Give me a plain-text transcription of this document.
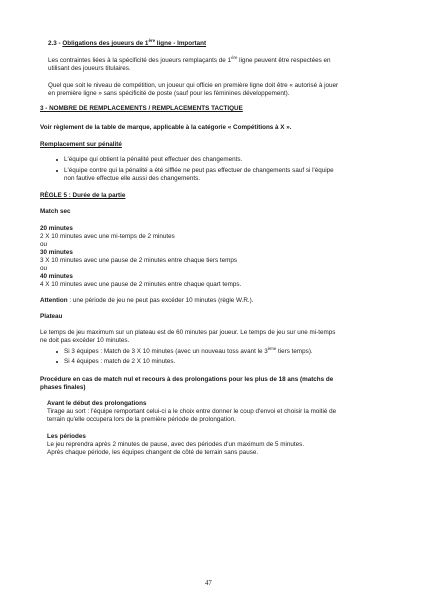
2.3 - Obligations des joueurs de 1ère ligne - Important
Les contraintes liées à la spécificité des joueurs remplaçants de 1ère ligne peuvent être respectées en
utilisant des joueurs titulaires.
Quel que soit le niveau de compétition, un joueur qui officie en première ligne doit être « autorisé à jouer
en première ligne » sans spécificité de poste (sauf pour les féminines développement).
3 - NOMBRE DE REMPLACEMENTS / REMPLACEMENTS TACTIQUE
Voir règlement de la table de marque, applicable à la catégorie « Compétitions à X ».
Remplacement sur pénalité
L'équipe qui obtient la pénalité peut effectuer des changements.
L'équipe contre qui la pénalité a été sifflée ne peut pas effectuer de changements sauf si l'équipe
non fautive effectue elle aussi des changements.
RÈGLE 5 : Durée de la partie
Match sec
20 minutes
2 X 10 minutes avec une mi-temps de 2 minutes
ou
30 minutes
3 X 10 minutes avec une pause de 2 minutes entre chaque tiers temps
ou
40 minutes
4 X 10 minutes avec une pause de 2 minutes entre chaque quart temps.
Attention : une période de jeu ne peut pas excéder 10 minutes (règle W.R.).
Plateau
Le temps de jeu maximum sur un plateau est de 60 minutes par joueur. Le temps de jeu sur une mi-temps
ne doit pas excéder 10 minutes.
Si 3 équipes : Match de 3 X 10 minutes (avec un nouveau toss avant le 3ème tiers temps).
Si 4 équipes : match de 2 X 10 minutes.
Procédure en cas de match nul et recours à des prolongations pour les plus de 18 ans (matchs de
phases finales)
Avant le début des prolongations
Tirage au sort : l'équipe remportant celui-ci a le choix entre donner le coup d'envoi et choisir la moitié de
terrain qu'elle occupera lors de la première période de prolongation.
Les périodes
Le jeu reprendra après 2 minutes de pause, avec des périodes d'un maximum de 5 minutes.
Après chaque période, les équipes changent de côté de terrain sans pause.
47
